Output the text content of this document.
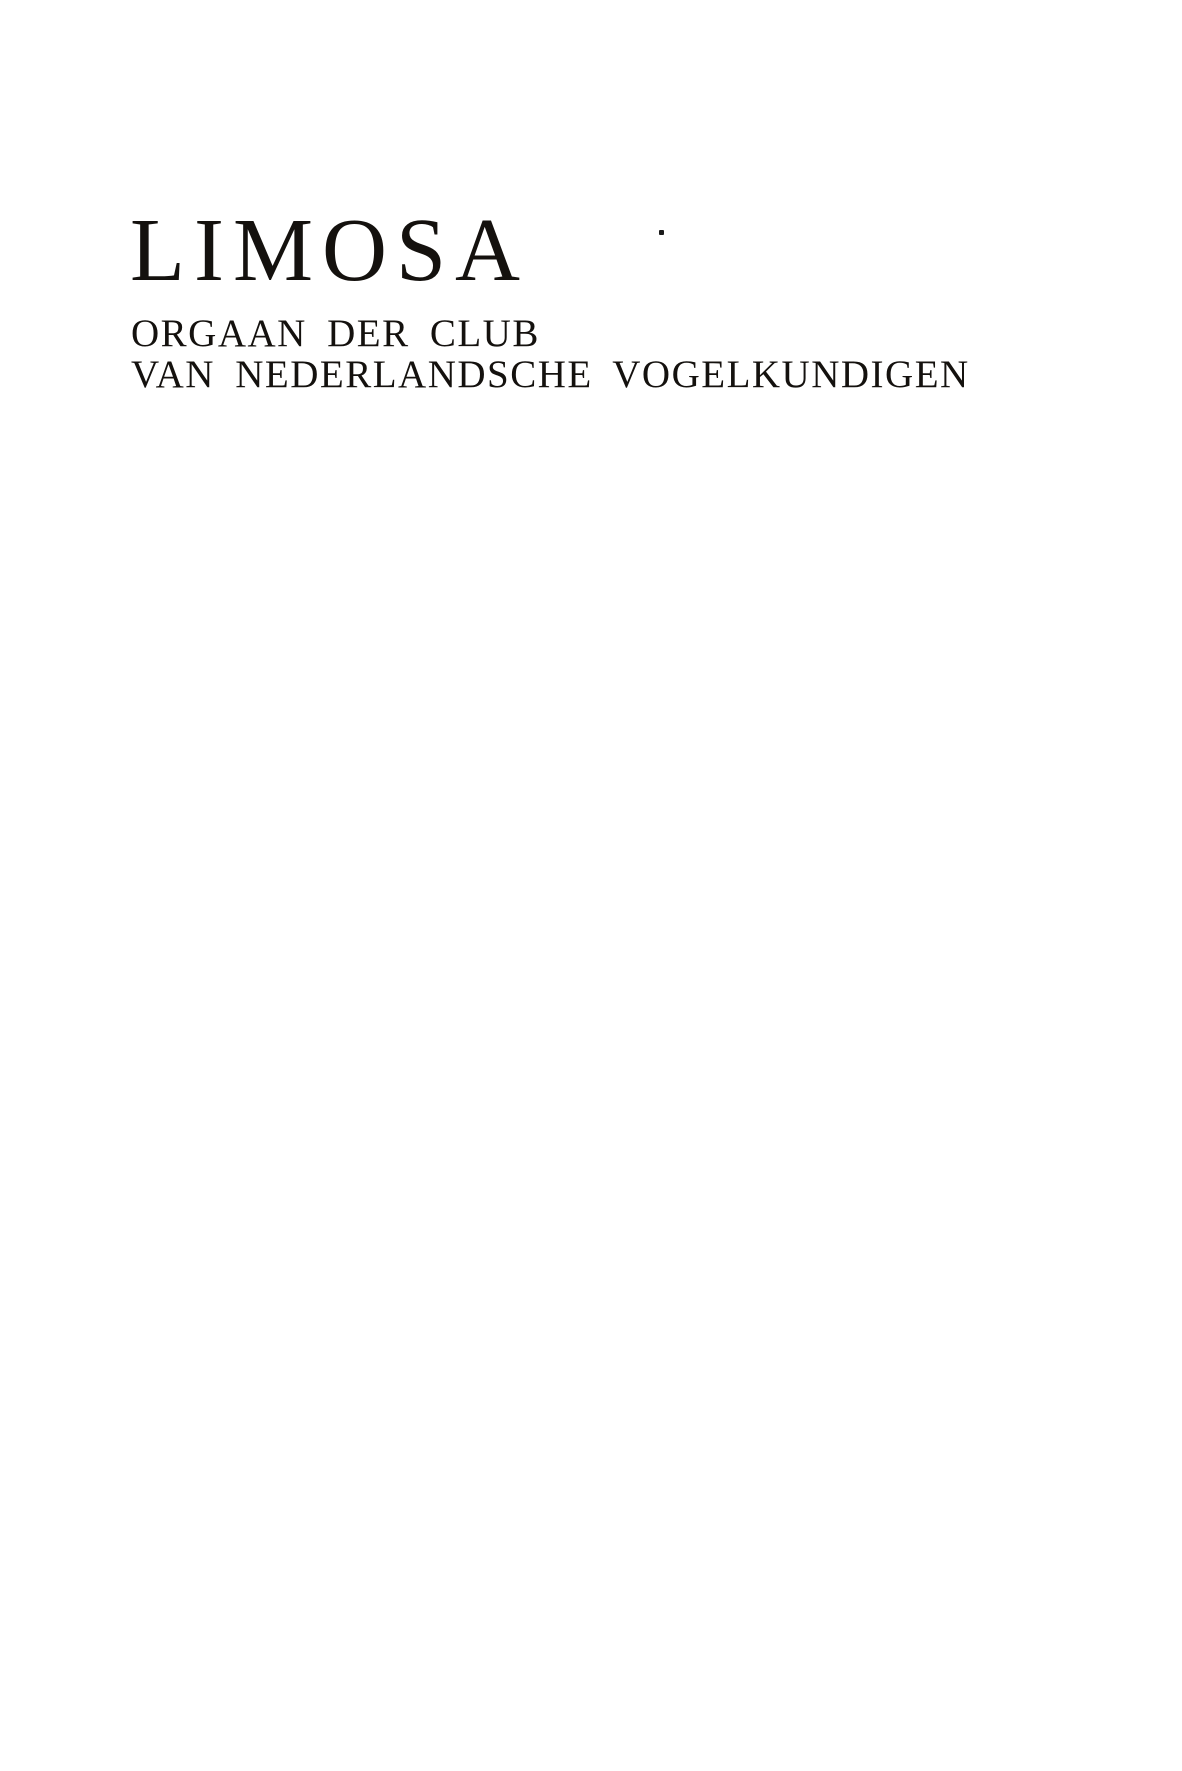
LIMOSA

ORGAAN DER CLUB
VAN NEDERLANDSCHE VOGELKUNDIGEN
